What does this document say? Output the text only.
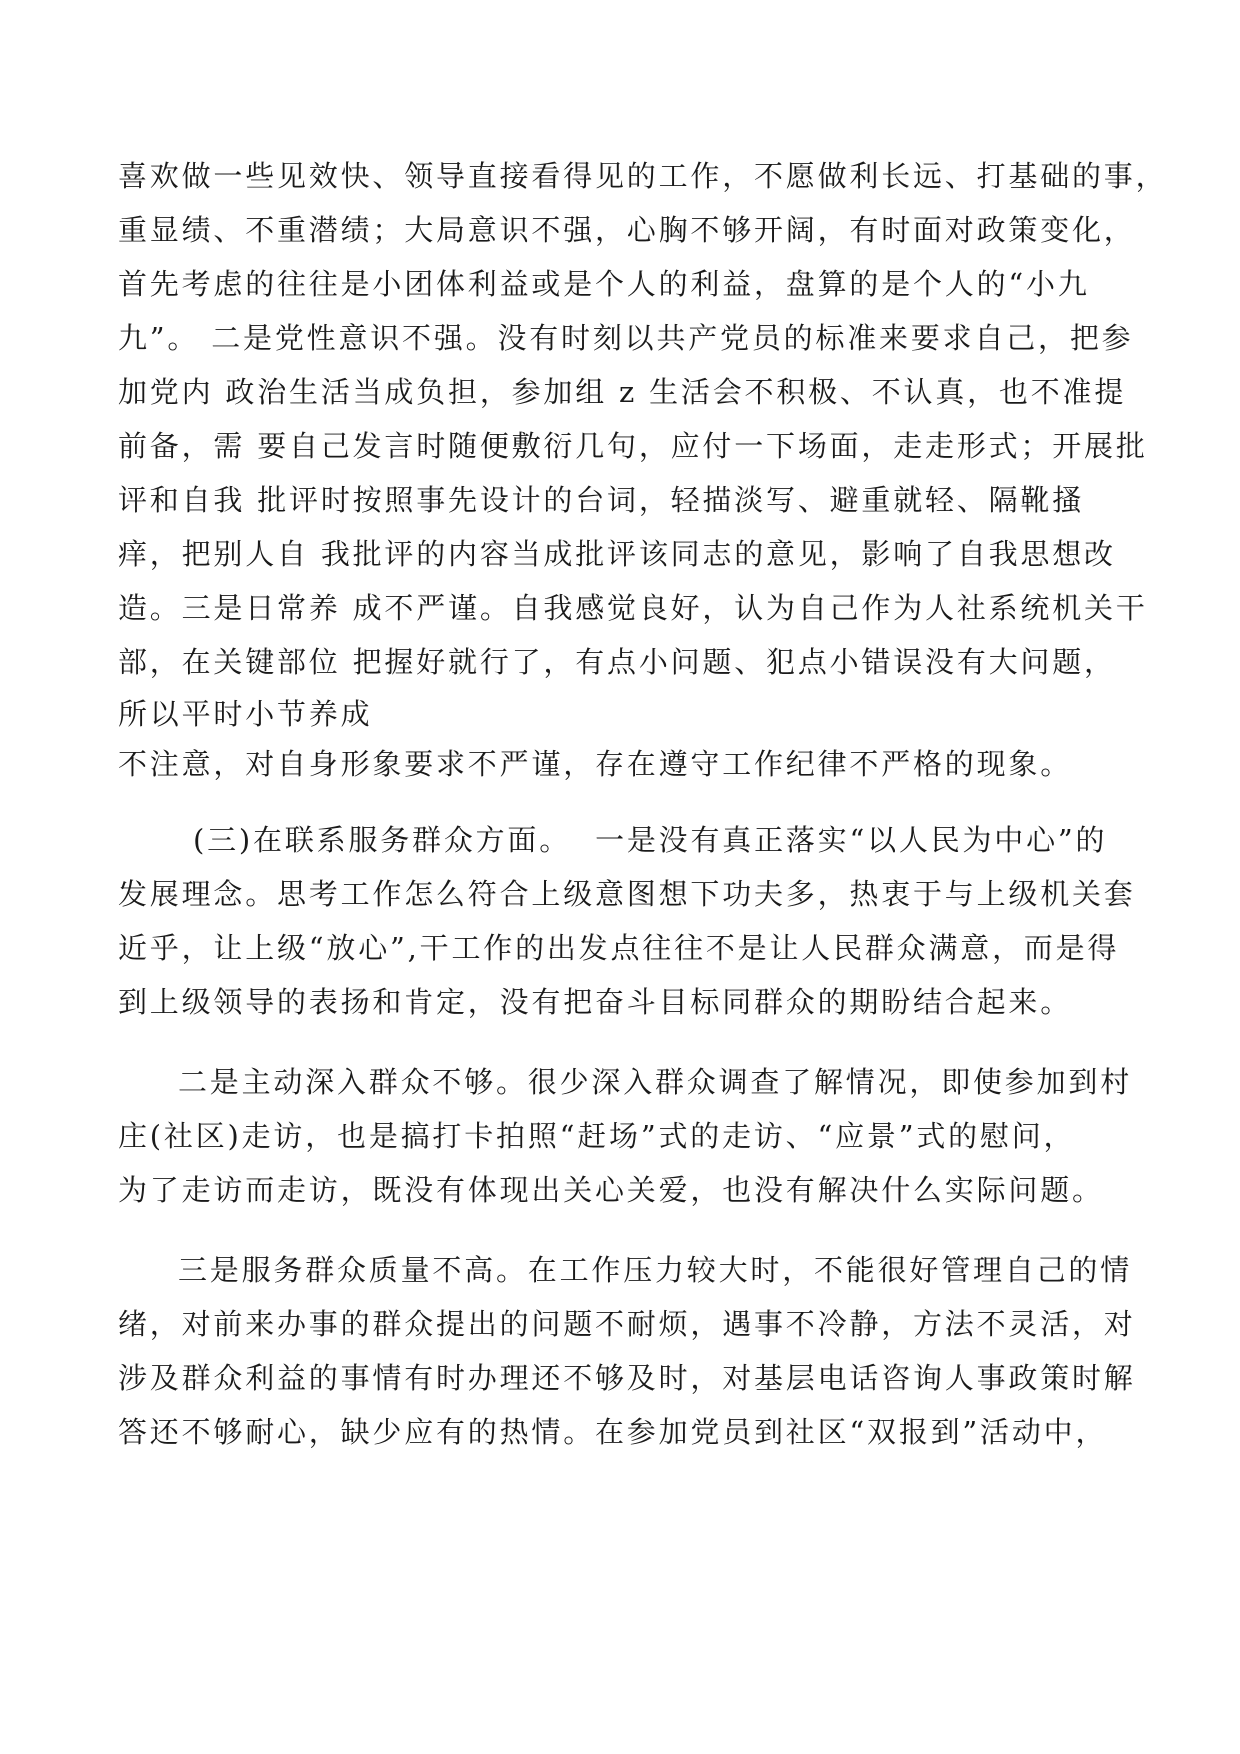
喜欢做一些见效快、领导直接看得见的工作，不愿做利长远、打基础的事，
重显绩、不重潜绩；大局意识不强，心胸不够开阔，有时面对政策变化，
首先考虑的往往是小团体利益或是个人的利益，盘算的是个人的“小九
九”。 二是党性意识不强。没有时刻以共产党员的标准来要求自己，把参
加党内 政治生活当成负担，参加组 z 生活会不积极、不认真，也不准提
前备，需 要自己发言时随便敷衍几句，应付一下场面，走走形式；开展批
评和自我 批评时按照事先设计的台词，轻描淡写、避重就轻、隔靴搔
痒，把别人自 我批评的内容当成批评该同志的意见，影响了自我思想改
造。三是日常养 成不严谨。自我感觉良好，认为自己作为人社系统机关干
部，在关键部位 把握好就行了，有点小问题、犯点小错误没有大问题，
所以平时小节养成
不注意，对自身形象要求不严谨，存在遵守工作纪律不严格的现象。
(三)在联系服务群众方面。  一是没有真正落实“以人民为中心”的
发展理念。思考工作怎么符合上级意图想下功夫多，热衷于与上级机关套
近乎，让上级“放心”,干工作的出发点往往不是让人民群众满意，而是得
到上级领导的表扬和肯定，没有把奋斗目标同群众的期盼结合起来。
二是主动深入群众不够。很少深入群众调查了解情况，即使参加到村
庄(社区)走访，也是搞打卡拍照“赶场”式的走访、“应景”式的慰问，
为了走访而走访，既没有体现出关心关爱，也没有解决什么实际问题。
三是服务群众质量不高。在工作压力较大时，不能很好管理自己的情
绪，对前来办事的群众提出的问题不耐烦，遇事不冷静，方法不灵活，对
涉及群众利益的事情有时办理还不够及时，对基层电话咨询人事政策时解
答还不够耐心，缺少应有的热情。在参加党员到社区“双报到”活动中，
